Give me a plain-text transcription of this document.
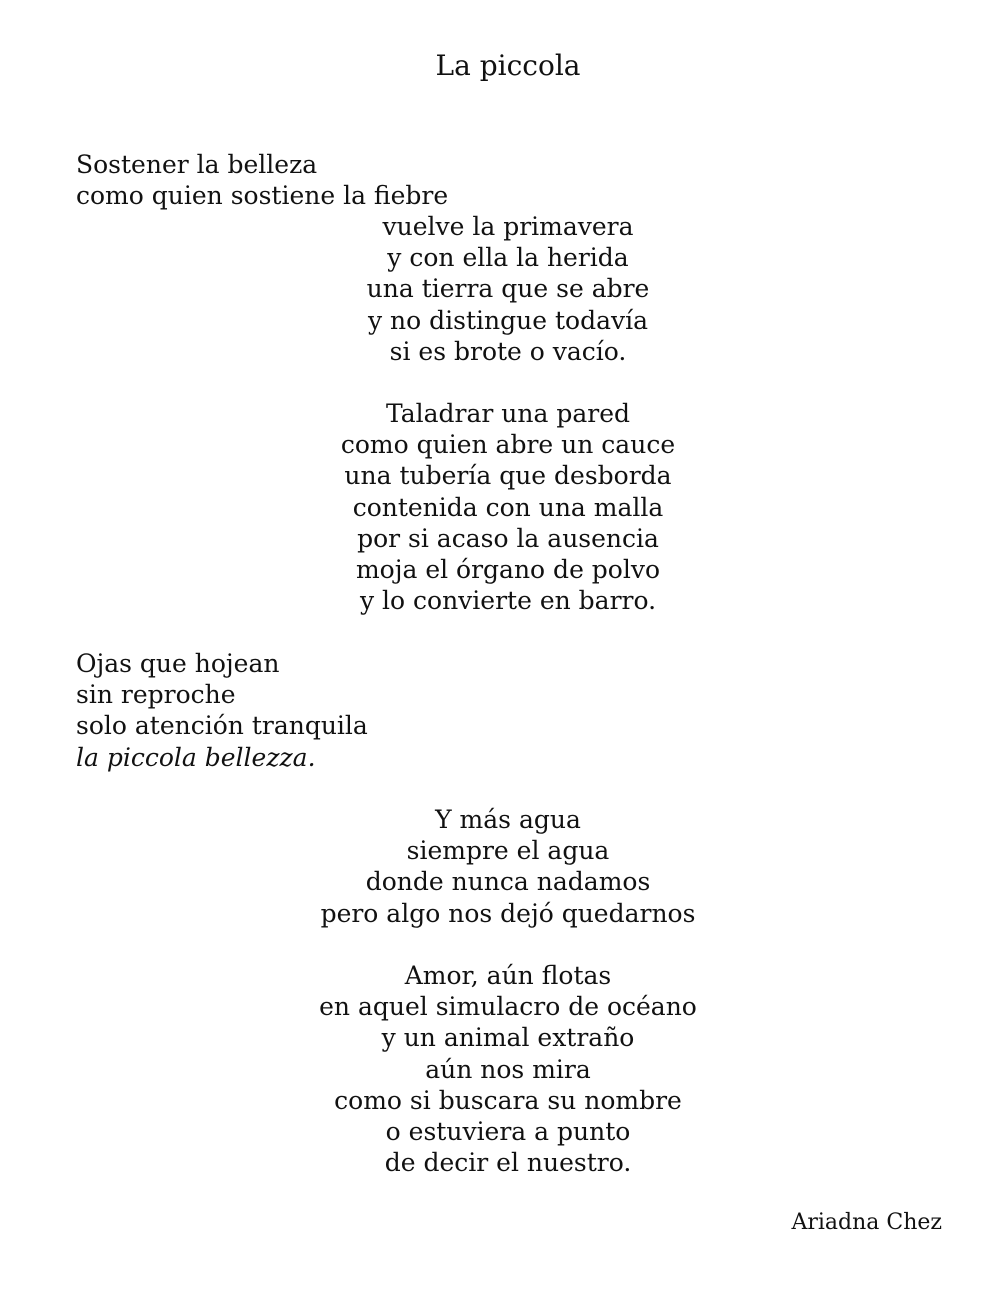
La piccola
Sostener la belleza
como quien sostiene la fiebre
vuelve la primavera
y con ella la herida
una tierra que se abre
y no distingue todavía
si es brote o vacío.
Taladrar una pared
como quien abre un cauce
una tubería que desborda
contenida con una malla
por si acaso la ausencia
moja el órgano de polvo
y lo convierte en barro.
Ojas que hojean
sin reproche
solo atención tranquila
la piccola bellezza.
Y más agua
siempre el agua
donde nunca nadamos
pero algo nos dejó quedarnos
Amor, aún flotas
en aquel simulacro de océano
y un animal extraño
aún nos mira
como si buscara su nombre
o estuviera a punto
de decir el nuestro.
Ariadna Chez
